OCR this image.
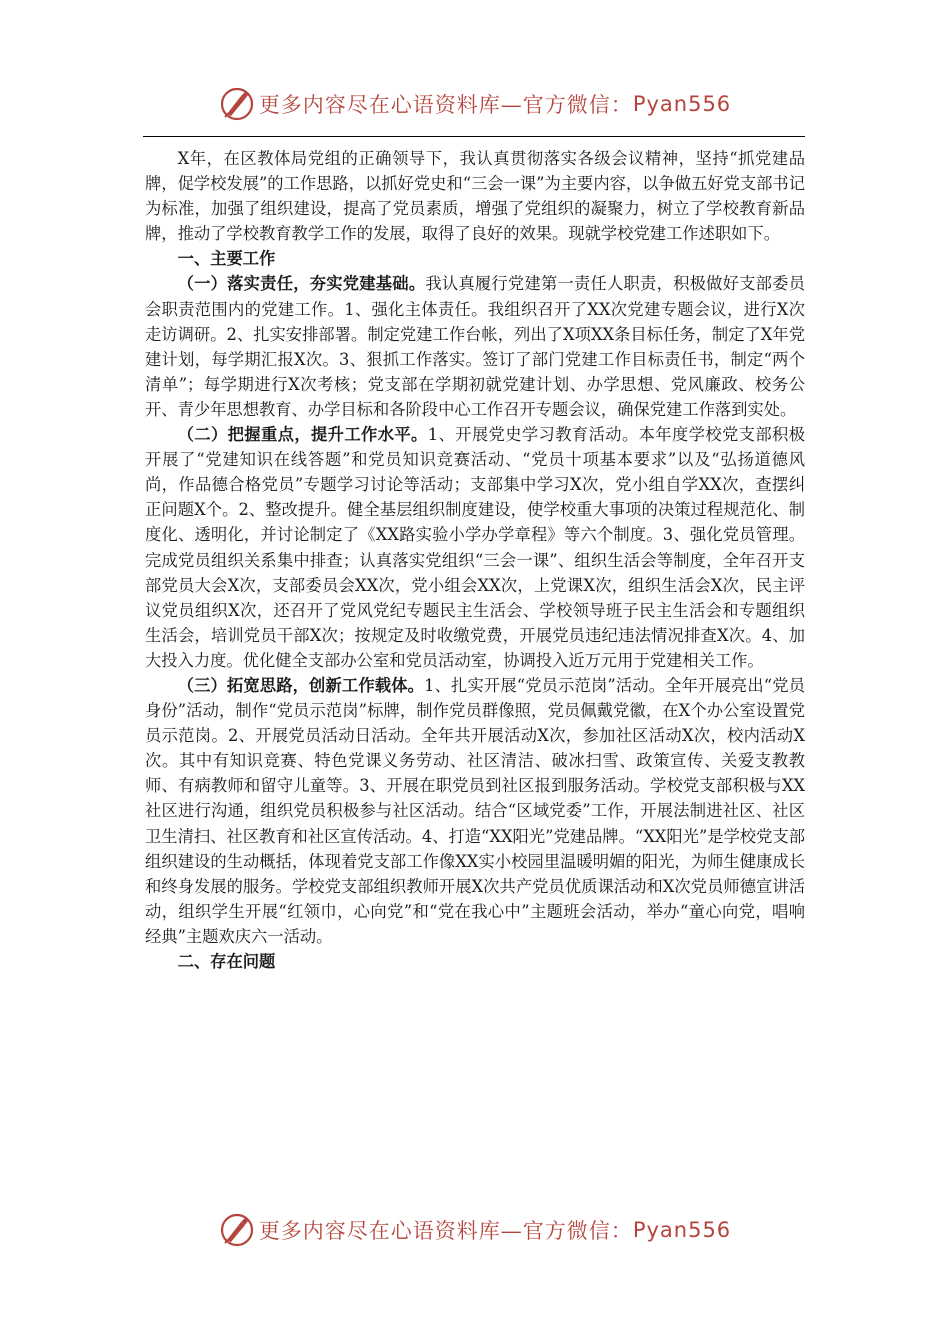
更多内容尽在心语资料库—官方微信： Pyan556

X年，在区教体局党组的正确领导下，我认真贯彻落实各级会议精神，坚持“抓党建品牌，促学校发展”的工作思路，以抓好党史和“三会一课”为主要内容，以争做五好党支部书记为标准，加强了组织建设，提高了党员素质，增强了党组织的凝聚力，树立了学校教育新品牌，推动了学校教育教学工作的发展，取得了良好的效果。现就学校党建工作述职如下。

一、主要工作

（一）落实责任，夯实党建基础。我认真履行党建第一责任人职责，积极做好支部委员会职责范围内的党建工作。1、强化主体责任。我组织召开了XX次党建专题会议，进行X次走访调研。2、扎实安排部署。制定党建工作台帐，列出了X项XX条目标任务，制定了X年党建计划，每学期汇报X次。3、狠抓工作落实。签订了部门党建工作目标责任书，制定“两个清单”；每学期进行X次考核；党支部在学期初就党建计划、办学思想、党风廉政、校务公开、青少年思想教育、办学目标和各阶段中心工作召开专题会议，确保党建工作落到实处。

（二）把握重点，提升工作水平。1、开展党史学习教育活动。本年度学校党支部积极开展了“党建知识在线答题”和党员知识竞赛活动、“党员十项基本要求”以及“弘扬道德风尚，作品德合格党员”专题学习讨论等活动；支部集中学习X次，党小组自学XX次，查摆纠正问题X个。2、整改提升。健全基层组织制度建设，使学校重大事项的决策过程规范化、制度化、透明化，并讨论制定了《XX路实验小学办学章程》等六个制度。3、强化党员管理。完成党员组织关系集中排查；认真落实党组织“三会一课”、组织生活会等制度，全年召开支部党员大会X次，支部委员会XX次，党小组会XX次，上党课X次，组织生活会X次，民主评议党员组织X次，还召开了党风党纪专题民主生活会、学校领导班子民主生活会和专题组织生活会，培训党员干部X次；按规定及时收缴党费，开展党员违纪违法情况排查X次。4、加大投入力度。优化健全支部办公室和党员活动室，协调投入近万元用于党建相关工作。

（三）拓宽思路，创新工作载体。1、扎实开展“党员示范岗”活动。全年开展亮出“党员身份”活动，制作“党员示范岗”标牌，制作党员群像照，党员佩戴党徽，在X个办公室设置党员示范岗。2、开展党员活动日活动。全年共开展活动X次，参加社区活动X次，校内活动X次。其中有知识竞赛、特色党课义务劳动、社区清洁、破冰扫雪、政策宣传、关爱支教教师、有病教师和留守儿童等。3、开展在职党员到社区报到服务活动。学校党支部积极与XX社区进行沟通，组织党员积极参与社区活动。结合“区域党委”工作，开展法制进社区、社区卫生清扫、社区教育和社区宣传活动。4、打造“XX阳光”党建品牌。“XX阳光”是学校党支部组织建设的生动概括，体现着党支部工作像XX实小校园里温暖明媚的阳光，为师生健康成长和终身发展的服务。学校党支部组织教师开展X次共产党员优质课活动和X次党员师德宣讲活动，组织学生开展“红领巾，心向党”和“党在我心中”主题班会活动，举办“童心向党，唱响经典”主题欢庆六一活动。

二、存在问题
更多内容尽在心语资料库—官方微信： Pyan556
